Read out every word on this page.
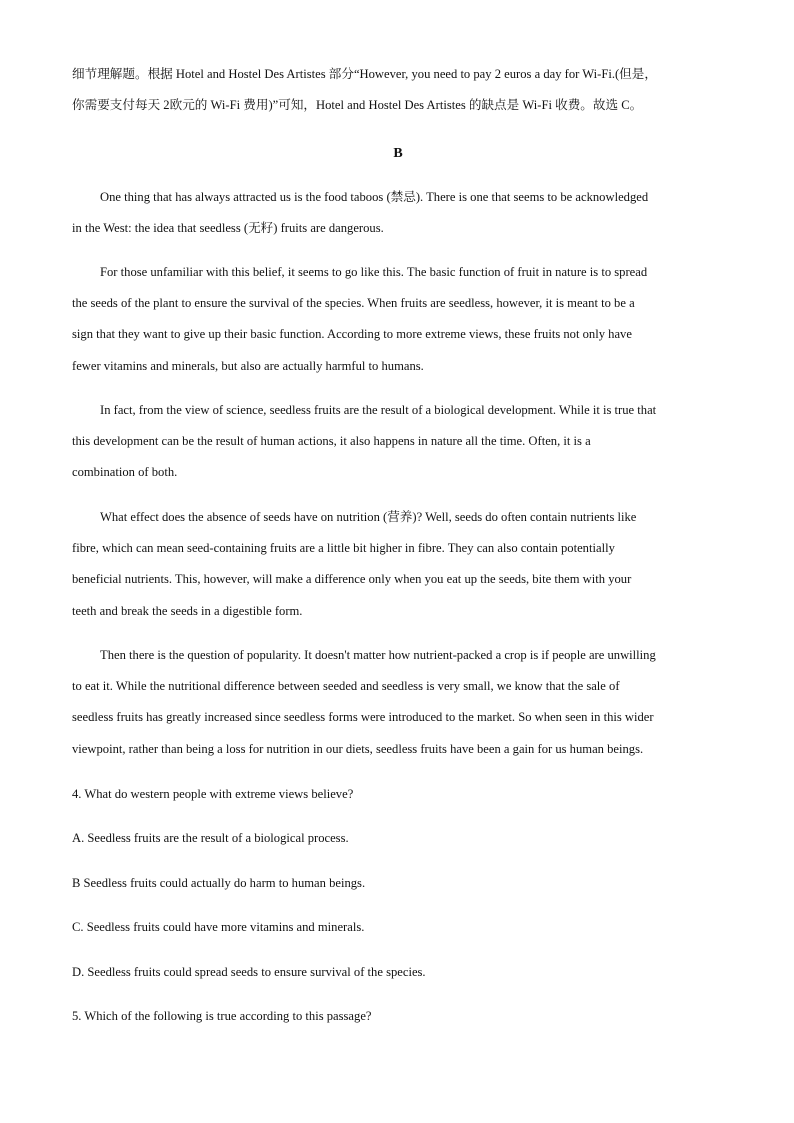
细节理解题。根据 Hotel and Hostel Des Artistes 部分“However, you need to pay 2 euros a day for Wi-Fi.(但是，
你需要支付每天 2欧元的 Wi-Fi 费用)”可知，Hotel and Hostel Des Artistes 的缺点是 Wi-Fi 收费。故选 C。
B
One thing that has always attracted us is the food taboos (禁忌). There is one that seems to be acknowledged
in the West: the idea that seedless (无籽) fruits are dangerous.
For those unfamiliar with this belief, it seems to go like this. The basic function of fruit in nature is to spread
the seeds of the plant to ensure the survival of the species. When fruits are seedless, however, it is meant to be a
sign that they want to give up their basic function. According to more extreme views, these fruits not only have
fewer vitamins and minerals, but also are actually harmful to humans.
In fact, from the view of science, seedless fruits are the result of a biological development. While it is true that
this development can be the result of human actions, it also happens in nature all the time. Often, it is a
combination of both.
What effect does the absence of seeds have on nutrition (营养)? Well, seeds do often contain nutrients like
fibre, which can mean seed-containing fruits are a little bit higher in fibre. They can also contain potentially
beneficial nutrients. This, however, will make a difference only when you eat up the seeds, bite them with your
teeth and break the seeds in a digestible form.
Then there is the question of popularity. It doesn't matter how nutrient-packed a crop is if people are unwilling
to eat it. While the nutritional difference between seeded and seedless is very small, we know that the sale of
seedless fruits has greatly increased since seedless forms were introduced to the market. So when seen in this wider
viewpoint, rather than being a loss for nutrition in our diets, seedless fruits have been a gain for us human beings.
4. What do western people with extreme views believe?
A. Seedless fruits are the result of a biological process.
B Seedless fruits could actually do harm to human beings.
C. Seedless fruits could have more vitamins and minerals.
D. Seedless fruits could spread seeds to ensure survival of the species.
5. Which of the following is true according to this passage?
